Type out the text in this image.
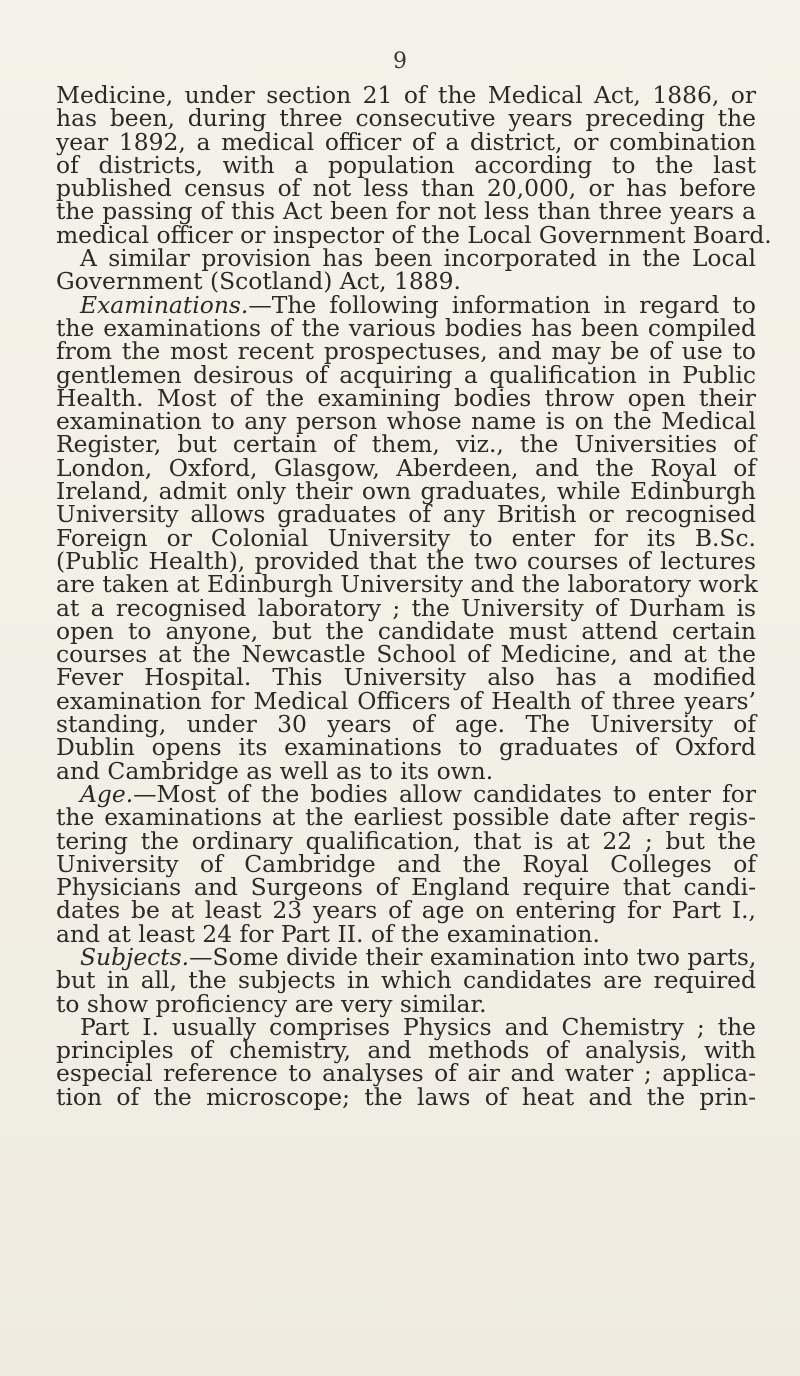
9
Medicine, under section 21 of the Medical Act, 1886, or
has been, during three consecutive years preceding the
year 1892, a medical officer of a district, or combination
of districts, with a population according to the last
published census of not less than 20,000, or has before
the passing of this Act been for not less than three years a
medical officer or inspector of the Local Government Board.
A similar provision has been incorporated in the Local
Government (Scotland) Act, 1889.
Examinations.—The following information in regard to
the examinations of the various bodies has been compiled
from the most recent prospectuses, and may be of use to
gentlemen desirous of acquiring a qualification in Public
Health. Most of the examining bodies throw open their
examination to any person whose name is on the Medical
Register, but certain of them, viz., the Universities of
London, Oxford, Glasgow, Aberdeen, and the Royal of
Ireland, admit only their own graduates, while Edinburgh
University allows graduates of any British or recognised
Foreign or Colonial University to enter for its B.Sc.
(Public Health), provided that the two courses of lectures
are taken at Edinburgh University and the laboratory work
at a recognised laboratory ; the University of Durham is
open to anyone, but the candidate must attend certain
courses at the Newcastle School of Medicine, and at the
Fever Hospital. This University also has a modified
examination for Medical Officers of Health of three years’
standing, under 30 years of age. The University of
Dublin opens its examinations to graduates of Oxford
and Cambridge as well as to its own.
Age.—Most of the bodies allow candidates to enter for
the examinations at the earliest possible date after regis-
tering the ordinary qualification, that is at 22 ; but the
University of Cambridge and the Royal Colleges of
Physicians and Surgeons of England require that candi-
dates be at least 23 years of age on entering for Part I.,
and at least 24 for Part II. of the examination.
Subjects.—Some divide their examination into two parts,
but in all, the subjects in which candidates are required
to show proficiency are very similar.
Part I. usually comprises Physics and Chemistry ; the
principles of chemistry, and methods of analysis, with
especial reference to analyses of air and water ; applica-
tion of the microscope; the laws of heat and the prin-
